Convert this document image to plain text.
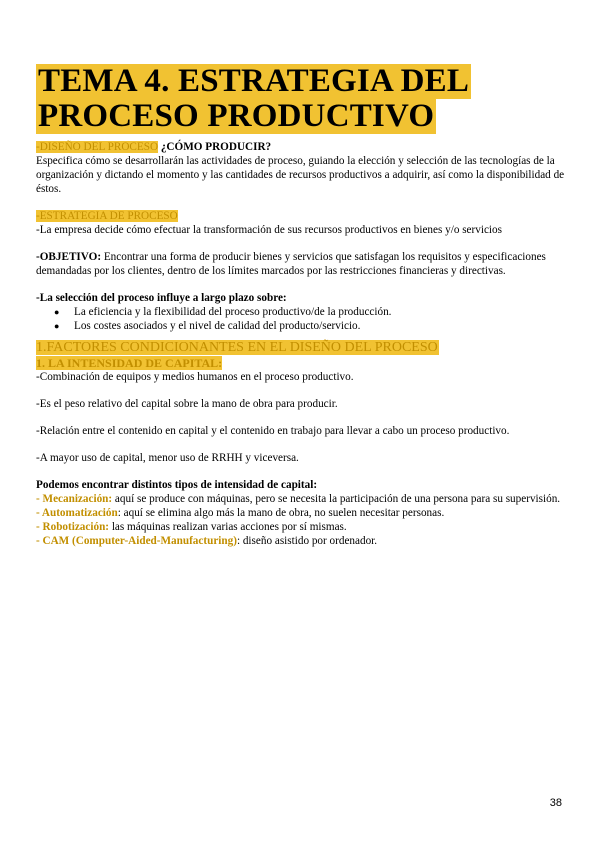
TEMA 4. ESTRATEGIA DEL
PROCESO PRODUCTIVO

-DISEÑO DEL PROCESO ¿CÓMO PRODUCIR?

Especifica cómo se desarrollarán las actividades de proceso, guiando la elección y selección de las tecnologías de la organización y dictando el momento y las cantidades de recursos productivos a adquirir, así como la disponibilidad de éstos.

-ESTRATEGIA DE PROCESO

-La empresa decide cómo efectuar la transformación de sus recursos productivos en bienes y/o servicios

-OBJETIVO: Encontrar una forma de producir bienes y servicios que satisfagan los requisitos y especificaciones demandadas por los clientes, dentro de los límites marcados por las restricciones financieras y directivas.

-La selección del proceso influye a largo plazo sobre:

● La eficiencia y la flexibilidad del proceso productivo/de la producción.
● Los costes asociados y el nivel de calidad del producto/servicio.

1.FACTORES CONDICIONANTES EN EL DISEÑO DEL PROCESO

1. LA INTENSIDAD DE CAPITAL:

-Combinación de equipos y medios humanos en el proceso productivo.

-Es el peso relativo del capital sobre la mano de obra para producir.

-Relación entre el contenido en capital y el contenido en trabajo para llevar a cabo un proceso productivo.

-A mayor uso de capital, menor uso de RRHH y viceversa.

Podemos encontrar distintos tipos de intensidad de capital:

- Mecanización: aquí se produce con máquinas, pero se necesita la participación de una persona para su supervisión.

- Automatización: aquí se elimina algo más la mano de obra, no suelen necesitar personas.

- Robotización: las máquinas realizan varias acciones por sí mismas.

- CAM (Computer-Aided-Manufacturing): diseño asistido por ordenador.

38
